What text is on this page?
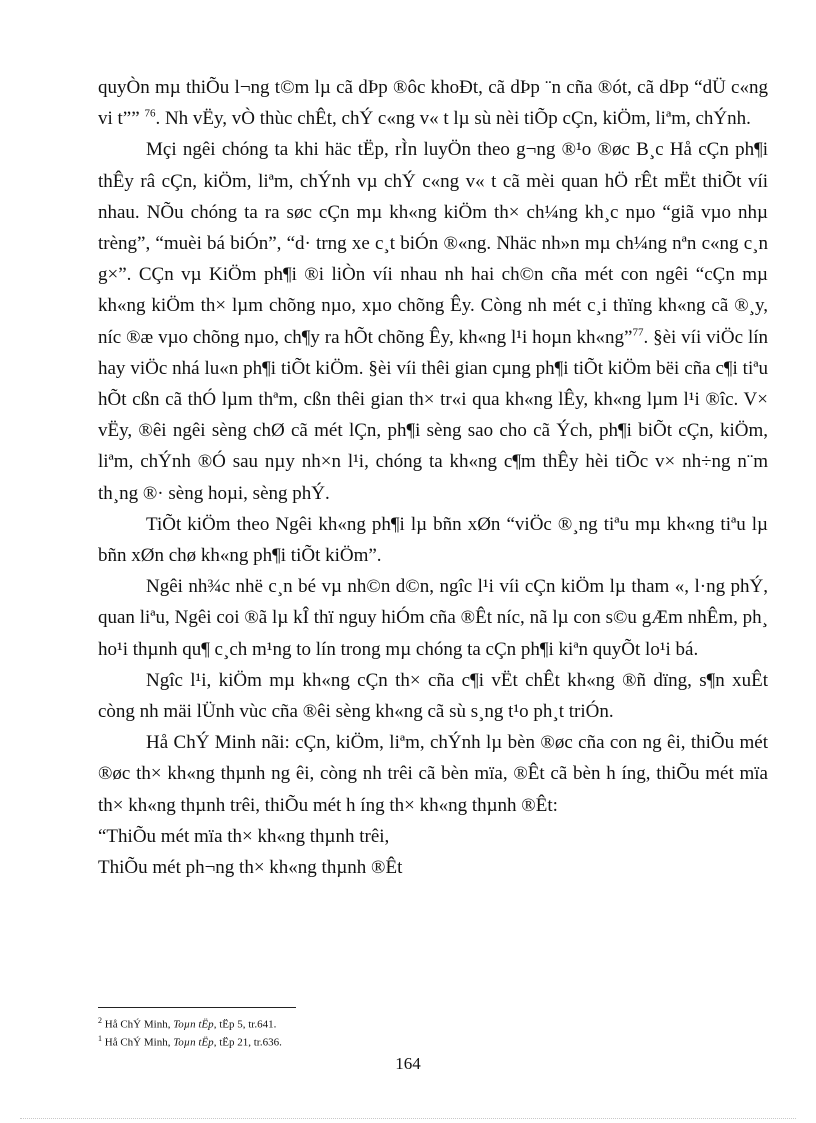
quyÒn mµ thiÕu l¬ng t©m lµ cã dÞp ®ôc khoÐt, cã dÞp ¨n cña ®ót, cã dÞp “dÜ c«ng vi t”” $^{76}$. Nh vËy, vÒ thùc chÊt, chÝ c«ng v« t lµ sù nèi tiÕp cÇn, kiÖm, liªm, chÝnh.

Mçi ngêi chóng ta khi häc tËp, rÌn luyÖn theo g¬ng ®¹o ®øc B¸c Hå cÇn ph¶i thÊy râ cÇn, kiÖm, liªm, chÝnh vµ chÝ c«ng v« t cã mèi quan hÖ rÊt mËt thiÕt víi nhau. NÕu chóng ta ra søc cÇn mµ kh«ng kiÖm th× ch¼ng kh¸c nµo “giã vµo nhµ trèng”, “muèi bá biÓn”, “d· trng xe c¸t biÓn ®«ng. Nhäc nh»n mµ ch¼ng nªn c«ng c¸n g×”. CÇn vµ KiÖm ph¶i ®i liÒn víi nhau nh hai ch©n cña mét con ngêi “cÇn mµ kh«ng kiÖm th× lµm chõng nµo, xµo chõng Êy. Còng nh mét c¸i thïng kh«ng cã ®¸y, níc ®æ vµo chõng nµo, ch¶y ra hÕt chõng Êy, kh«ng l¹i hoµn kh«ng”$^{77}$. §èi víi viÖc lín hay viÖc nhá lu«n ph¶i tiÕt kiÖm. §èi víi thêi gian cµng ph¶i tiÕt kiÖm bëi cña c¶i tiªu hÕt cßn cã thÓ lµm thªm, cßn thêi gian th× tr«i qua kh«ng lÊy, kh«ng lµm l¹i ®îc. V× vËy, ®êi ngêi sèng chØ cã mét lÇn, ph¶i sèng sao cho cã Ých, ph¶i biÕt cÇn, kiÖm, liªm, chÝnh ®Ó sau nµy nh×n l¹i, chóng ta kh«ng c¶m thÊy hèi tiÕc v× nh÷ng n¨m th¸ng ®· sèng hoµi, sèng phÝ.

TiÕt kiÖm theo Ngêi kh«ng ph¶i lµ bñn xØn “viÖc ®¸ng tiªu mµ kh«ng tiªu lµ bñn xØn chø kh«ng ph¶i tiÕt kiÖm”.

Ngêi nh¾c nhë c¸n bé vµ nh©n d©n, ngîc l¹i víi cÇn kiÖm lµ tham «, l·ng phÝ, quan liªu, Ngêi coi ®ã lµ kÎ thï nguy hiÓm cña ®Êt níc, nã lµ con s©u gÆm nhÊm, ph¸ ho¹i thµnh qu¶ c¸ch m¹ng to lín trong mµ chóng ta cÇn ph¶i kiªn quyÕt lo¹i bá.

Ngîc l¹i, kiÖm mµ kh«ng cÇn th× cña c¶i vËt chÊt kh«ng ®ñ dïng, s¶n xuÊt còng nh mäi lÜnh vùc cña ®êi sèng kh«ng cã sù s¸ng t¹o ph¸t triÓn.

Hå ChÝ Minh nãi: cÇn, kiÖm, liªm, chÝnh lµ bèn ®øc cña con ng êi, thiÕu mét ®øc th× kh«ng thµnh ng êi, còng nh trêi cã bèn mïa, ®Êt cã bèn h íng, thiÕu mét mïa th× kh«ng thµnh trêi, thiÕu mét h íng th× kh«ng thµnh ®Êt:

“ThiÕu mét mïa th× kh«ng thµnh trêi,

ThiÕu mét ph¬ng th× kh«ng thµnh ®Êt

$^2$ Hå ChÝ Minh, Toµn tËp, tËp 5, tr.641.

$^1$ Hå ChÝ Minh, Toµn tËp, tËp 21, tr.636.

164
